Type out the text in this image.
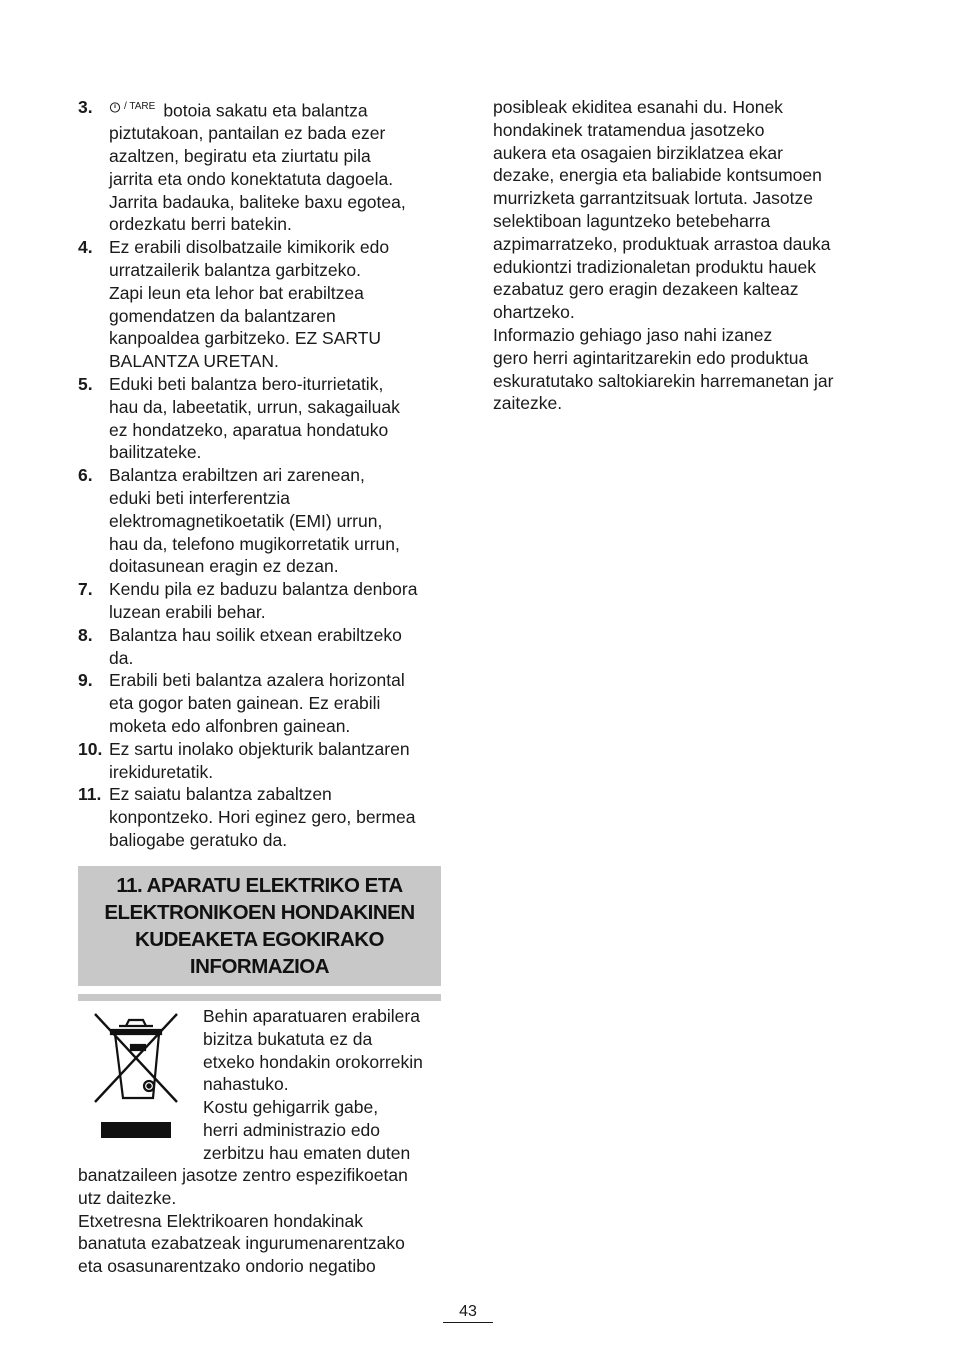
3.	/ TARE botoia sakatu eta balantza
piztutakoan, pantailan ez bada ezer
azaltzen, begiratu eta ziurtatu pila
jarrita eta ondo konektatuta dagoela.
Jarrita badauka, baliteke baxu egotea,
ordezkatu berri batekin.
4. Ez erabili disolbatzaile kimikorik edo
urratzailerik balantza garbitzeko.
Zapi leun eta lehor bat erabiltzea
gomendatzen da balantzaren
kanpoaldea garbitzeko. EZ SARTU
BALANTZA URETAN.
5. Eduki beti balantza bero-iturrietatik,
hau da, labeetatik, urrun, sakagailuak
ez hondatzeko, aparatua hondatuko
bailitzateke.
6. Balantza erabiltzen ari zarenean,
eduki beti interferentzia
elektromagnetikoetatik (EMI) urrun,
hau da, telefono mugikorretatik urrun,
doitasunean eragin ez dezan.
7. Kendu pila ez baduzu balantza denbora
luzean erabili behar.
8. Balantza hau soilik etxean erabiltzeko
da.
9. Erabili beti balantza azalera horizontal
eta gogor baten gainean. Ez erabili
moketa edo alfonbren gainean.
10. Ez sartu inolako objekturik balantzaren
irekiduretatik.
11. Ez saiatu balantza zabaltzen
konpontzeko. Hori eginez gero, bermea
baliogabe geratuko da.
11. APARATU ELEKTRIKO ETA
ELEKTRONIKOEN HONDAKINEN
KUDEAKETA EGOKIRAKO
INFORMAZIOA
Behin aparatuaren erabilera
bizitza bukatuta ez da
etxeko hondakin orokorrekin
nahastuko.
Kostu gehigarrik gabe,
herri administrazio edo
zerbitzu hau ematen duten
banatzaileen jasotze zentro espezifikoetan
utz daitezke.
Etxetresna Elektrikoaren hondakinak
banatuta ezabatzeak ingurumenarentzako
eta osasunarentzako ondorio negatibo
posibleak ekiditea esanahi du. Honek
hondakinek tratamendua jasotzeko
aukera eta osagaien birziklatzea ekar
dezake, energia eta baliabide kontsumoen
murrizketa garrantzitsuak lortuta. Jasotze
selektiboan laguntzeko betebeharra
azpimarratzeko, produktuak arrastoa dauka
edukiontzi tradizionaletan produktu hauek
ezabatuz gero eragin dezakeen kalteaz
ohartzeko.
Informazio gehiago jaso nahi izanez
gero herri agintaritzarekin edo produktua
eskuratutako saltokiarekin harremanetan jar
zaitezke.
43
